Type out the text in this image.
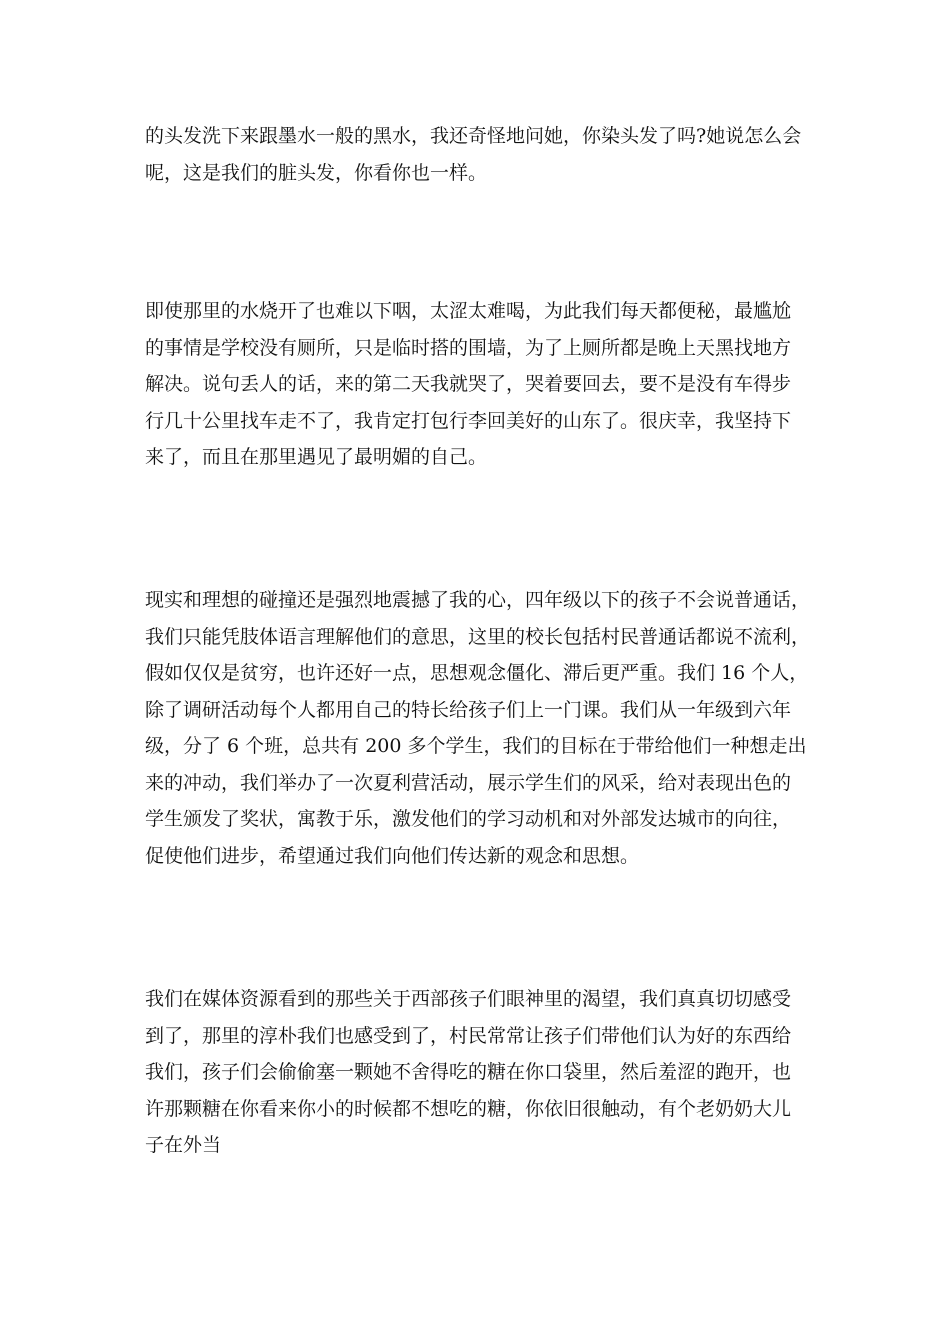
的头发洗下来跟墨水一般的黑水，我还奇怪地问她，你染头发了吗?她说怎么会
呢，这是我们的脏头发，你看你也一样。
即使那里的水烧开了也难以下咽，太涩太难喝，为此我们每天都便秘，最尴尬
的事情是学校没有厕所，只是临时搭的围墙，为了上厕所都是晚上天黑找地方
解决。说句丢人的话，来的第二天我就哭了，哭着要回去，要不是没有车得步
行几十公里找车走不了，我肯定打包行李回美好的山东了。很庆幸，我坚持下
来了，而且在那里遇见了最明媚的自己。
现实和理想的碰撞还是强烈地震撼了我的心，四年级以下的孩子不会说普通话，
我们只能凭肢体语言理解他们的意思，这里的校长包括村民普通话都说不流利，
假如仅仅是贫穷，也许还好一点，思想观念僵化、滞后更严重。我们 16 个人，
除了调研活动每个人都用自己的特长给孩子们上一门课。我们从一年级到六年
级，分了 6 个班，总共有 200 多个学生，我们的目标在于带给他们一种想走出
来的冲动，我们举办了一次夏利营活动，展示学生们的风采，给对表现出色的
学生颁发了奖状，寓教于乐，激发他们的学习动机和对外部发达城市的向往，
促使他们进步，希望通过我们向他们传达新的观念和思想。
我们在媒体资源看到的那些关于西部孩子们眼神里的渴望，我们真真切切感受
到了，那里的淳朴我们也感受到了，村民常常让孩子们带他们认为好的东西给
我们，孩子们会偷偷塞一颗她不舍得吃的糖在你口袋里，然后羞涩的跑开，也
许那颗糖在你看来你小的时候都不想吃的糖，你依旧很触动，有个老奶奶大儿
子在外当
